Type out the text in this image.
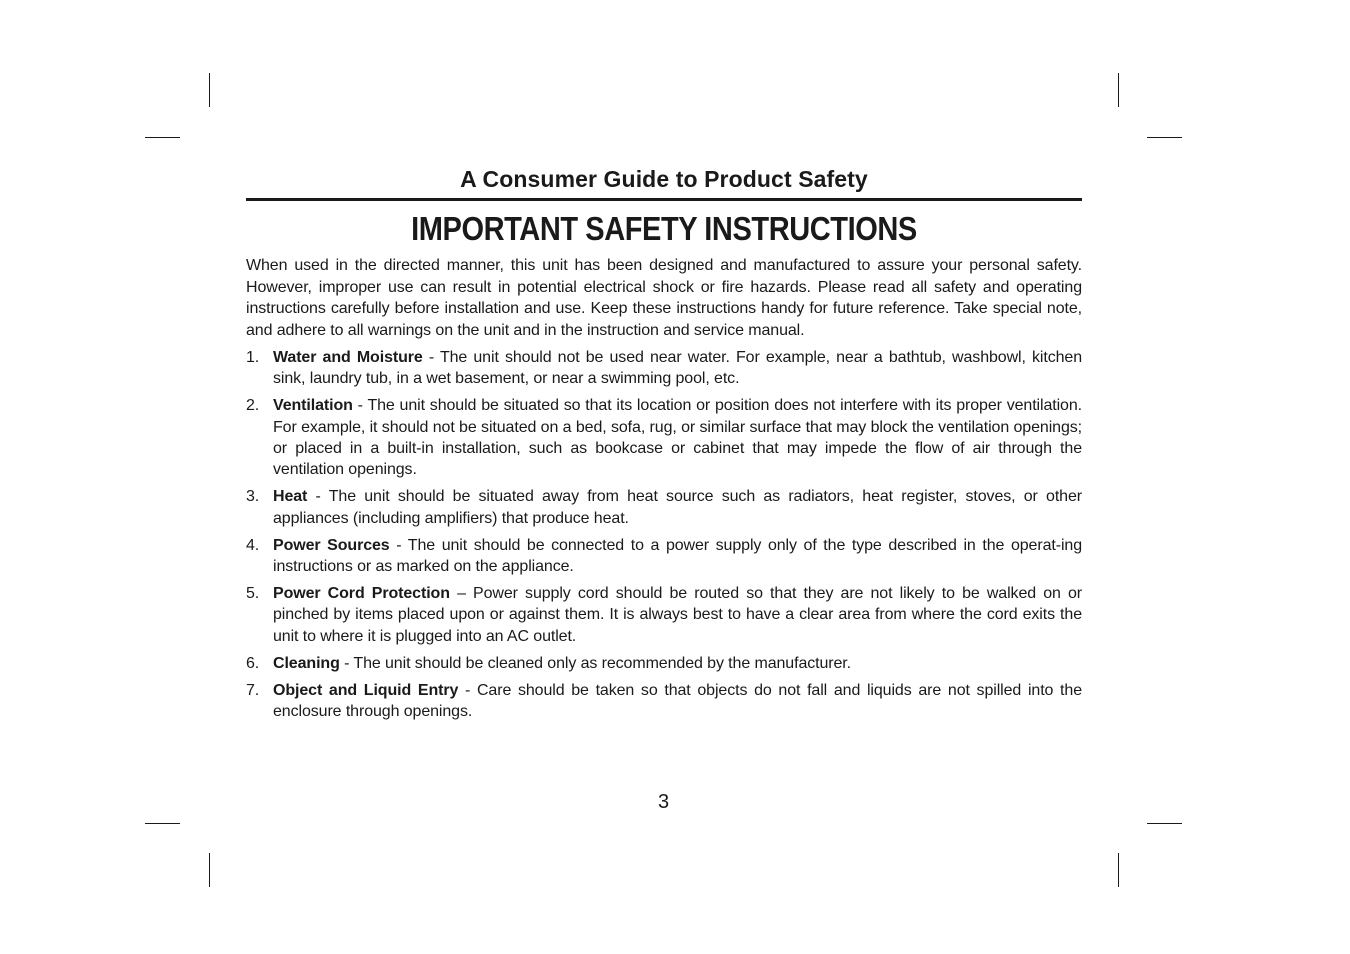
A Consumer Guide to Product Safety
IMPORTANT SAFETY INSTRUCTIONS

When used in the directed manner, this unit has been designed and manufactured to assure your personal safety. However, improper use can result in potential electrical shock or fire hazards. Please read all safety and operating instructions carefully before installation and use. Keep these instructions handy for future reference. Take special note, and adhere to all warnings on the unit and in the instruction and service manual.

1. Water and Moisture - The unit should not be used near water. For example, near a bathtub, washbowl, kitchen sink, laundry tub, in a wet basement, or near a swimming pool, etc.
2. Ventilation - The unit should be situated so that its location or position does not interfere with its proper ventilation. For example, it should not be situated on a bed, sofa, rug, or similar surface that may block the ventilation openings; or placed in a built-in installation, such as bookcase or cabinet that may impede the flow of air through the ventilation openings.
3. Heat - The unit should be situated away from heat source such as radiators, heat register, stoves, or other appliances (including amplifiers) that produce heat.
4. Power Sources - The unit should be connected to a power supply only of the type described in the operat-ing instructions or as marked on the appliance.
5. Power Cord Protection – Power supply cord should be routed so that they are not likely to be walked on or pinched by items placed upon or against them. It is always best to have a clear area from where the cord exits the unit to where it is plugged into an AC outlet.
6. Cleaning - The unit should be cleaned only as recommended by the manufacturer.
7. Object and Liquid Entry - Care should be taken so that objects do not fall and liquids are not spilled into the enclosure through openings.
3
